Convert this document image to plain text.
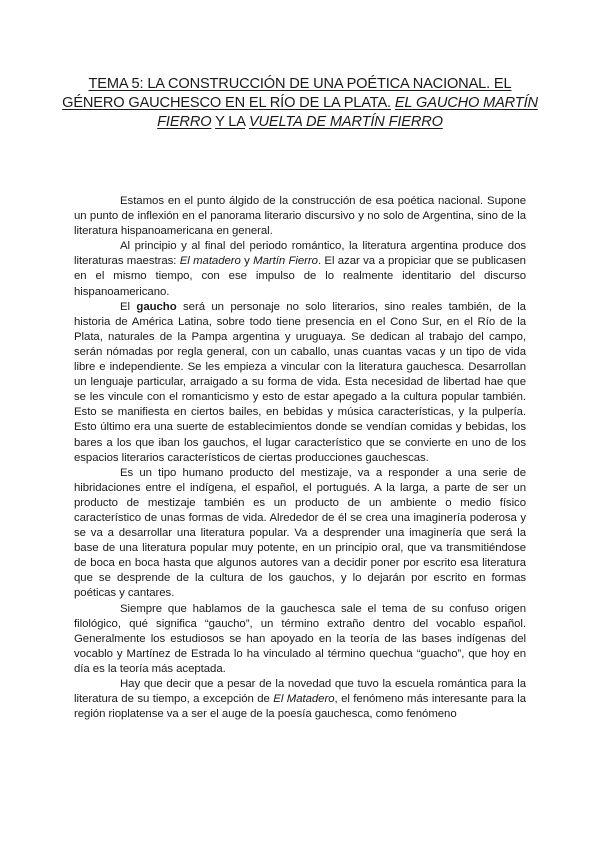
TEMA 5: LA CONSTRUCCIÓN DE UNA POÉTICA NACIONAL. EL GÉNERO GAUCHESCO EN EL RÍO DE LA PLATA. EL GAUCHO MARTÍN FIERRO Y LA VUELTA DE MARTÍN FIERRO

Estamos en el punto álgido de la construcción de esa poética nacional. Supone un punto de inflexión en el panorama literario discursivo y no solo de Argentina, sino de la literatura hispanoamericana en general.

Al principio y al final del periodo romántico, la literatura argentina produce dos literaturas maestras: El matadero y Martín Fierro. El azar va a propiciar que se publicasen en el mismo tiempo, con ese impulso de lo realmente identitario del discurso hispanoamericano.

El gaucho será un personaje no solo literarios, sino reales también, de la historia de América Latina, sobre todo tiene presencia en el Cono Sur, en el Río de la Plata, naturales de la Pampa argentina y uruguaya. Se dedican al trabajo del campo, serán nómadas por regla general, con un caballo, unas cuantas vacas y un tipo de vida libre e independiente. Se les empieza a vincular con la literatura gauchesca. Desarrollan un lenguaje particular, arraigado a su forma de vida. Esta necesidad de libertad hae que se les vincule con el romanticismo y esto de estar apegado a la cultura popular también. Esto se manifiesta en ciertos bailes, en bebidas y música características, y la pulpería. Esto último era una suerte de establecimientos donde se vendían comidas y bebidas, los bares a los que iban los gauchos, el lugar característico que se convierte en uno de los espacios literarios característicos de ciertas producciones gauchescas.

Es un tipo humano producto del mestizaje, va a responder a una serie de hibridaciones entre el indígena, el español, el portugués. A la larga, a parte de ser un producto de mestizaje también es un producto de un ambiente o medio físico característico de unas formas de vida. Alrededor de él se crea una imaginería poderosa y se va a desarrollar una literatura popular. Va a desprender una imaginería que será la base de una literatura popular muy potente, en un principio oral, que va transmitiéndose de boca en boca hasta que algunos autores van a decidir poner por escrito esa literatura que se desprende de la cultura de los gauchos, y lo dejarán por escrito en formas poéticas y cantares.

Siempre que hablamos de la gauchesca sale el tema de su confuso origen filológico, qué significa “gaucho”, un término extraño dentro del vocablo español. Generalmente los estudiosos se han apoyado en la teoría de las bases indígenas del vocablo y Martínez de Estrada lo ha vinculado al término quechua “guacho”, que hoy en día es la teoría más aceptada.

Hay que decir que a pesar de la novedad que tuvo la escuela romántica para la literatura de su tiempo, a excepción de El Matadero, el fenómeno más interesante para la región rioplatense va a ser el auge de la poesía gauchesca, como fenómeno
